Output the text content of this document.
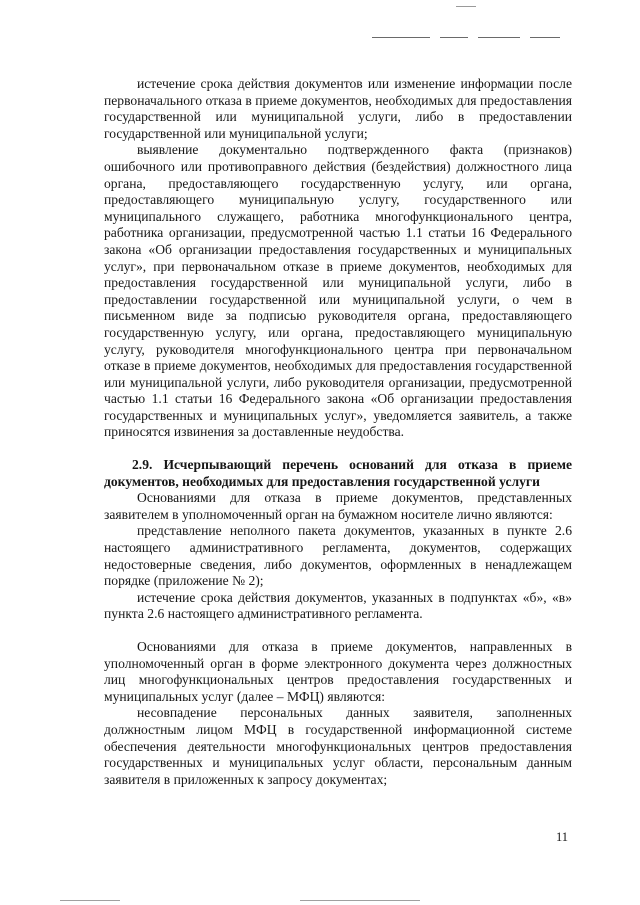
истечение срока действия документов или изменение информации после первоначального отказа в приеме документов, необходимых для предоставления государственной или муниципальной услуги, либо в предоставлении государственной или муниципальной услуги;

выявление документально подтвержденного факта (признаков) ошибочного или противоправного действия (бездействия) должностного лица органа, предоставляющего государственную услугу, или органа, предоставляющего муниципальную услугу, государственного или муниципального служащего, работника многофункционального центра, работника организации, предусмотренной частью 1.1 статьи 16 Федерального закона «Об организации предоставления государственных и муниципальных услуг», при первоначальном отказе в приеме документов, необходимых для предоставления государственной или муниципальной услуги, либо в предоставлении государственной или муниципальной услуги, о чем в письменном виде за подписью руководителя органа, предоставляющего государственную услугу, или органа, предоставляющего муниципальную услугу, руководителя многофункционального центра при первоначальном отказе в приеме документов, необходимых для предоставления государственной или муниципальной услуги, либо руководителя организации, предусмотренной частью 1.1 статьи 16 Федерального закона «Об организации предоставления государственных и муниципальных услуг», уведомляется заявитель, а также приносятся извинения за доставленные неудобства.

2.9. Исчерпывающий перечень оснований для отказа в приеме документов, необходимых для предоставления государственной услуги

Основаниями для отказа в приеме документов, представленных заявителем в уполномоченный орган на бумажном носителе лично являются:

представление неполного пакета документов, указанных в пункте 2.6 настоящего административного регламента, документов, содержащих недостоверные сведения, либо документов, оформленных в ненадлежащем порядке (приложение № 2);

истечение срока действия документов, указанных в подпунктах «б», «в» пункта 2.6 настоящего административного регламента.

Основаниями для отказа в приеме документов, направленных в уполномоченный орган в форме электронного документа через должностных лиц многофункциональных центров предоставления государственных и муниципальных услуг (далее – МФЦ) являются:

несовпадение персональных данных заявителя, заполненных должностным лицом МФЦ в государственной информационной системе обеспечения деятельности многофункциональных центров предоставления государственных и муниципальных услуг области, персональным данным заявителя в приложенных к запросу документах;

11
